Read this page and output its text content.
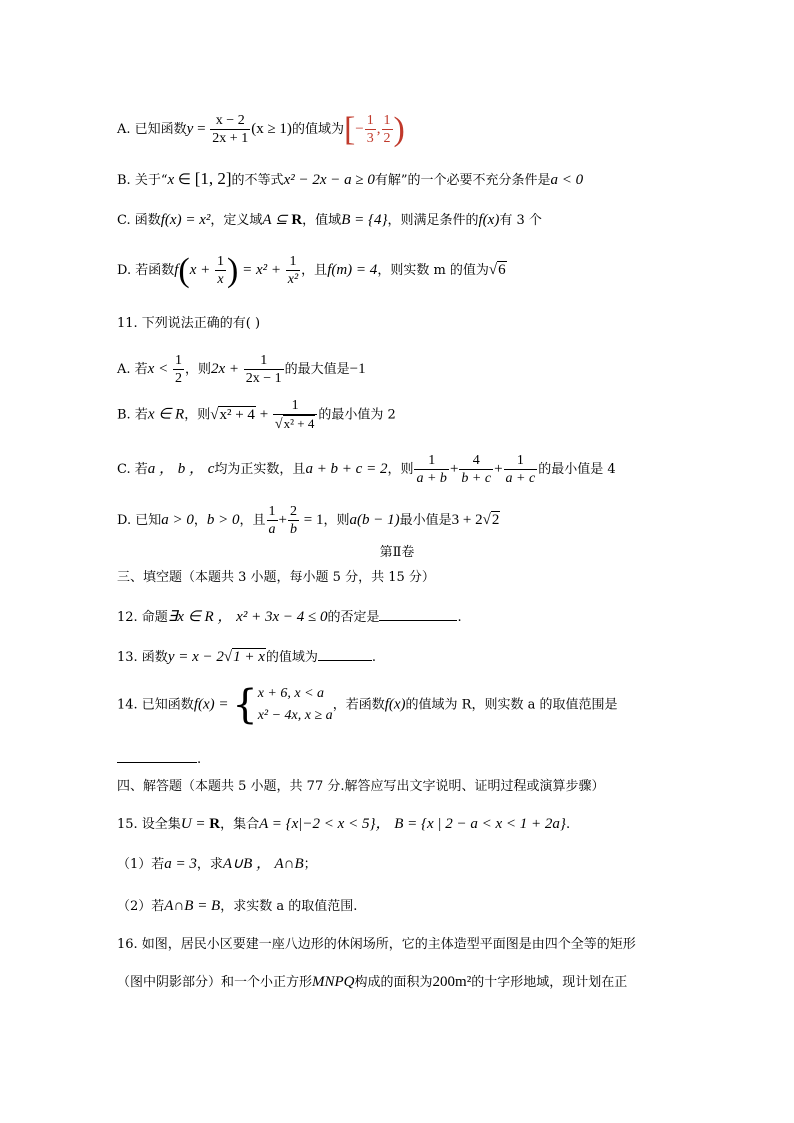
A. 已知函数$y = \frac{x - 2}{2x + 1} (x \ge 1)$的值域为[− $\frac{1}{3}$ , $\frac{1}{2}$ )
B. 关于“x ∈ [1, 2]的不等式x² − 2x − a ≥ 0有解”的一个必要不充分条件是a < 0
C. 函数f(x) = x²，定义域A ⊆ R，值域B = {4}，则满足条件的f(x)有 3 个
D. 若函数$f(x + \frac{1}{x}$ ) = $x^2 + \frac{1}{\text{x²}}$ ，且f(m) = 4，则实数 m 的值为√6
11. 下列说法正确的有( )
A. 若$x < \frac{1}{2}$ ，则$2x + \frac{1}{2x - 1}$ 的最大值是−1
B. 若x ∈ R，则$√x^2 + 4 + \frac{1}{\text{√x² + 4}}$ 的最小值为 2
C. 若a ， b ， c均为正实数，且a + b + c = 2，则 $\frac{1}{a + b} + \frac{4}{b + c} + \frac{1}{a + c}$ 的最小值是 4
D. 已知a > 0，b > 0，且 $\frac{1}{a} + \frac{2}{b} = 1$，则a(b − 1)最小值是3 + 2√2
第Ⅱ卷
三、填空题（本题共 3 小题，每小题 5 分，共 15 分）
12. 命题∃x ∈ R ， x² + 3x − 4 ≤ 0的否定是	.
13. 函数y = x − 2√1 + x的值域为	.
14. 已知函数f(x) = { x + 6, x < a
x² − 4x, x ≥ a
，若函数f(x)的值域为 R，则实数 a 的取值范围是
.
四、解答题（本题共 5 小题，共 77 分.解答应写出文字说明、证明过程或演算步骤）
15. 设全集U = R，集合A = {x|−2 < x < 5}， B = {x | 2 − a < x < 1 + 2a}.
（1）若a = 3，求A∪B ， A∩B；
（2）若A∩B = B，求实数 a 的取值范围.
16. 如图，居民小区要建一座八边形的休闲场所，它的主体造型平面图是由四个全等的矩形
（图中阴影部分）和一个小正方形MNPQ构成的面积为200m²的十字形地域，现计划在正
